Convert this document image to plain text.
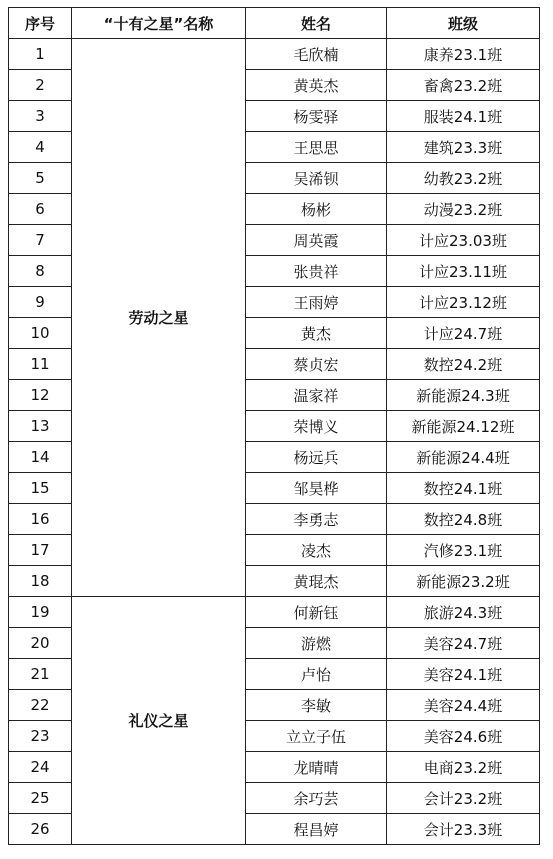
序号	“十有之星”名称	姓名	班级
1	劳动之星	毛欣楠	康养23.1班
2		黄英杰	畜禽23.2班
3		杨雯驿	服装24.1班
4		王思思	建筑23.3班
5		吴浠钡	幼教23.2班
6		杨彬	动漫23.2班
7		周英霞	计应23.03班
8		张贵祥	计应23.11班
9		王雨婷	计应23.12班
10		黄杰	计应24.7班
11		蔡贞宏	数控24.2班
12		温家祥	新能源24.3班
13		荣博义	新能源24.12班
14		杨远兵	新能源24.4班
15		邹昊桦	数控24.1班
16		李勇志	数控24.8班
17		凌杰	汽修23.1班
18		黄琨杰	新能源23.2班
19	礼仪之星	何新钰	旅游24.3班
20		游燃	美容24.7班
21		卢怡	美容24.1班
22		李敏	美容24.4班
23		立立子伍	美容24.6班
24		龙晴晴	电商23.2班
25		余巧芸	会计23.2班
26		程昌婷	会计23.3班
